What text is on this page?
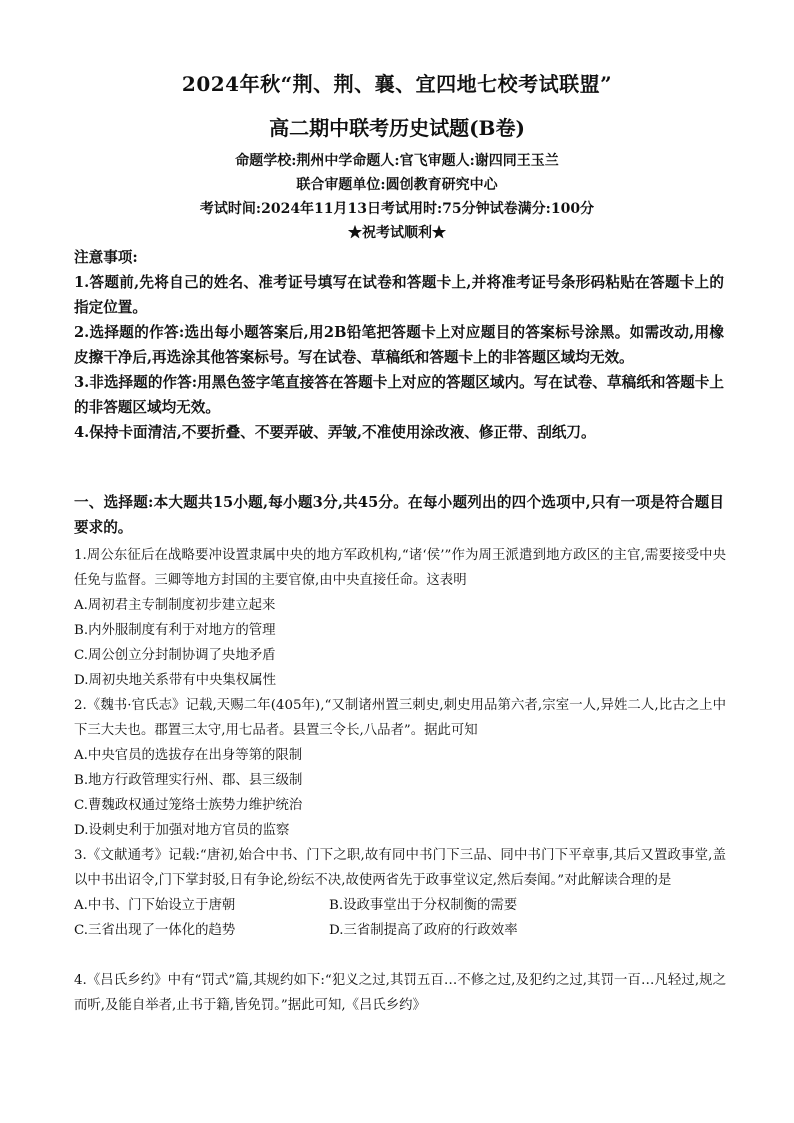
2024年秋“荆、荆、襄、宜四地七校考试联盟”
高二期中联考历史试题(B卷)
命题学校:荆州中学命题人:官飞审题人:谢四同王玉兰
联合审题单位:圆创教育研究中心
考试时间:2024年11月13日考试用时:75分钟试卷满分:100分
★祝考试顺利★

注意事项:

1.答题前,先将自己的姓名、准考证号填写在试卷和答题卡上,并将准考证号条形码粘贴在答题卡上的指定位置。

2.选择题的作答:选出每小题答案后,用2B铅笔把答题卡上对应题目的答案标号涂黑。如需改动,用橡皮擦干净后,再选涂其他答案标号。写在试卷、草稿纸和答题卡上的非答题区域均无效。

3.非选择题的作答:用黑色签字笔直接答在答题卡上对应的答题区域内。写在试卷、草稿纸和答题卡上的非答题区域均无效。

4.保持卡面清洁,不要折叠、不要弄破、弄皱,不准使用涂改液、修正带、刮纸刀。

一、选择题:本大题共15小题,每小题3分,共45分。在每小题列出的四个选项中,只有一项是符合题目要求的。

1.周公东征后在战略要冲设置隶属中央的地方军政机构,“诸‘侯’”作为周王派遣到地方政区的主官,需要接受中央任免与监督。三卿等地方封国的主要官僚,由中央直接任命。这表明

A.周初君主专制制度初步建立起来
B.内外服制度有利于对地方的管理
C.周公创立分封制协调了央地矛盾
D.周初央地关系带有中央集权属性

2.《魏书·官氏志》记载,天赐二年(405年),“又制诸州置三刺史,刺史用品第六者,宗室一人,异姓二人,比古之上中下三大夫也。郡置三太守,用七品者。县置三令长,八品者”。据此可知

A.中央官员的选拔存在出身等第的限制
B.地方行政管理实行州、郡、县三级制
C.曹魏政权通过笼络士族势力维护统治
D.设刺史利于加强对地方官员的监察

3.《文献通考》记载:“唐初,始合中书、门下之职,故有同中书门下三品、同中书门下平章事,其后又置政事堂,盖以中书出诏令,门下掌封驳,日有争论,纷纭不决,故使两省先于政事堂议定,然后奏闻。”对此解读合理的是

A.中书、门下始设立于唐朝	B.设政事堂出于分权制衡的需要
C.三省出现了一体化的趋势	D.三省制提高了政府的行政效率

4.《吕氏乡约》中有“罚式”篇,其规约如下:“犯义之过,其罚五百…不修之过,及犯约之过,其罚一百…凡轻过,规之而听,及能自举者,止书于籍,皆免罚。”据此可知,《吕氏乡约》
